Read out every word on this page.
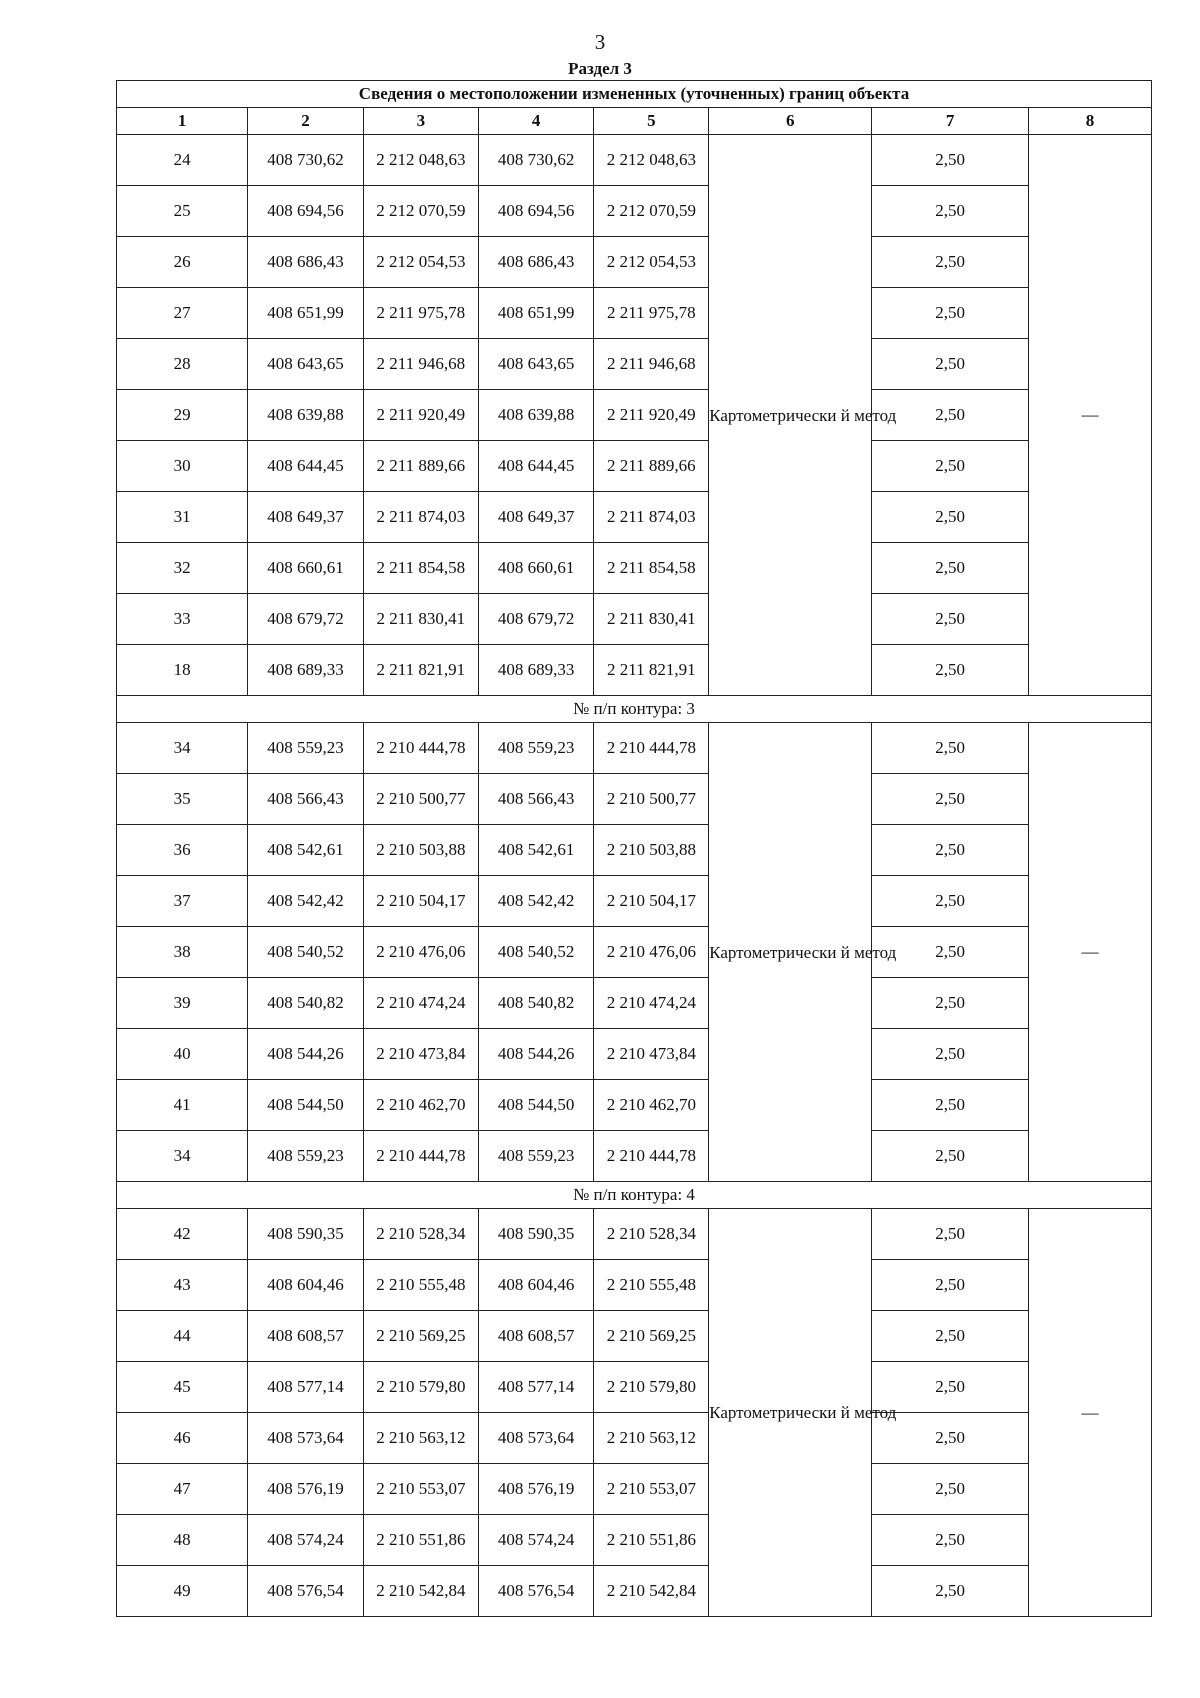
3
Раздел 3
Сведения о местоположении измененных (уточненных) границ объекта							
1	2	3	4	5	6	7	8
24	408 730,62	2 212 048,63	408 730,62	2 212 048,63	Картометрически й метод	2,50	—
25	408 694,56	2 212 070,59	408 694,56	2 212 070,59		2,50	
26	408 686,43	2 212 054,53	408 686,43	2 212 054,53		2,50	
27	408 651,99	2 211 975,78	408 651,99	2 211 975,78		2,50	
28	408 643,65	2 211 946,68	408 643,65	2 211 946,68		2,50	
29	408 639,88	2 211 920,49	408 639,88	2 211 920,49		2,50	
30	408 644,45	2 211 889,66	408 644,45	2 211 889,66		2,50	
31	408 649,37	2 211 874,03	408 649,37	2 211 874,03		2,50	
32	408 660,61	2 211 854,58	408 660,61	2 211 854,58		2,50	
33	408 679,72	2 211 830,41	408 679,72	2 211 830,41		2,50	
18	408 689,33	2 211 821,91	408 689,33	2 211 821,91		2,50	
№ п/п контура: 3							
34	408 559,23	2 210 444,78	408 559,23	2 210 444,78	Картометрически й метод	2,50	—
35	408 566,43	2 210 500,77	408 566,43	2 210 500,77		2,50	
36	408 542,61	2 210 503,88	408 542,61	2 210 503,88		2,50	
37	408 542,42	2 210 504,17	408 542,42	2 210 504,17		2,50	
38	408 540,52	2 210 476,06	408 540,52	2 210 476,06		2,50	
39	408 540,82	2 210 474,24	408 540,82	2 210 474,24		2,50	
40	408 544,26	2 210 473,84	408 544,26	2 210 473,84		2,50	
41	408 544,50	2 210 462,70	408 544,50	2 210 462,70		2,50	
34	408 559,23	2 210 444,78	408 559,23	2 210 444,78		2,50	
№ п/п контура: 4							
42	408 590,35	2 210 528,34	408 590,35	2 210 528,34	Картометрически й метод	2,50	—
43	408 604,46	2 210 555,48	408 604,46	2 210 555,48		2,50	
44	408 608,57	2 210 569,25	408 608,57	2 210 569,25		2,50	
45	408 577,14	2 210 579,80	408 577,14	2 210 579,80		2,50	
46	408 573,64	2 210 563,12	408 573,64	2 210 563,12		2,50	
47	408 576,19	2 210 553,07	408 576,19	2 210 553,07		2,50	
48	408 574,24	2 210 551,86	408 574,24	2 210 551,86		2,50	
49	408 576,54	2 210 542,84	408 576,54	2 210 542,84		2,50	
